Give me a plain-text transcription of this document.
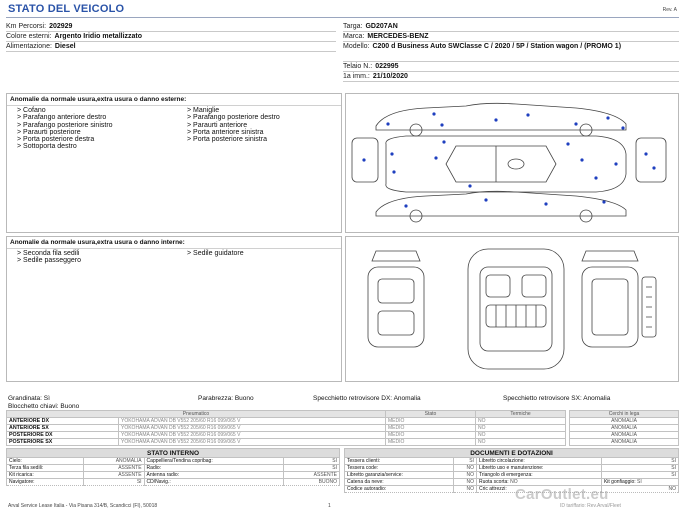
STATO DEL VEICOLO	Rev. A
Km Percorsi: 202929
Colore esterni: Argento Iridio metallizzato
Alimentazione: Diesel
Targa: GD207AN
Marca: MERCEDES-BENZ
Modello: C200 d Business Auto SWClasse C / 2020 / 5P / Station wagon / (PROMO 1)
Telaio N.: 022995
1a imm.: 21/10/2020
Anomalie da normale usura,extra usura o danno esterne:
> Cofano
> Parafango anteriore destro
> Parafango posteriore sinistro
> Paraurti posteriore
> Porta posteriore destra
> Sottoporta destro
> Maniglie
> Parafango posteriore destro
> Paraurti anteriore
> Porta anteriore sinistra
> Porta posteriore sinistra
Anomalie da normale usura,extra usura o danno interne:
> Seconda fila sedili
> Sedile passeggero
> Sedile guidatore
Grandinata: Sì	Parabrezza: Buono	Specchietto retrovisore DX: Anomalia	Specchietto retrovisore SX: Anomalia
Blocchetto chiavi: Buono
Pneumatico		Stato	Termiche
ANTERIORE DX	YOKOHAMA ADVAN DB V552 205/60 R16 099/065 V	MEDIO	NO
ANTERIORE SX	YOKOHAMA ADVAN DB V552 205/60 R16 099/065 V	MEDIO	NO
POSTERIORE DX	YOKOHAMA ADVAN DB V552 205/60 R16 099/065 V	MEDIO	NO
POSTERIORE SX	YOKOHAMA ADVAN DB V552 205/60 R16 099/065 V	MEDIO	NO
Cerchi in lega
ANOMALIA
ANOMALIA
ANOMALIA
ANOMALIA
STATO INTERNO			
Cielo:	ANOMALIA	Cappelliera/Tendina copribag:	SI
Terza fila sedili:	ASSENTE	Radio:	SI
Kit ricarica:	ASSENTE	Antenna radio:	ASSENTE
Navigatore:	SI	CD/Navig.:	BUONO
DOCUMENTI E DOTAZIONI			
Tessera clienti:	SI	Libretto circolazione:	SI
Tessera code:	NO	Libretto uso e manutenzione:	SI
Libretto garanzia/service:	NO	Triangolo di emergenza:	SI
Catena da neve:	NO	Ruota scorta: NO	Kit gonfiaggio: SI
Codice autoradio:	NO	Cric attrezzi:	NO
CarOutlet.eu
Arval Service Lease Italia - Via Pisana 314/B, Scandicci (FI), 50018	1	ID tariffario: Rev.Arval/Fleet
